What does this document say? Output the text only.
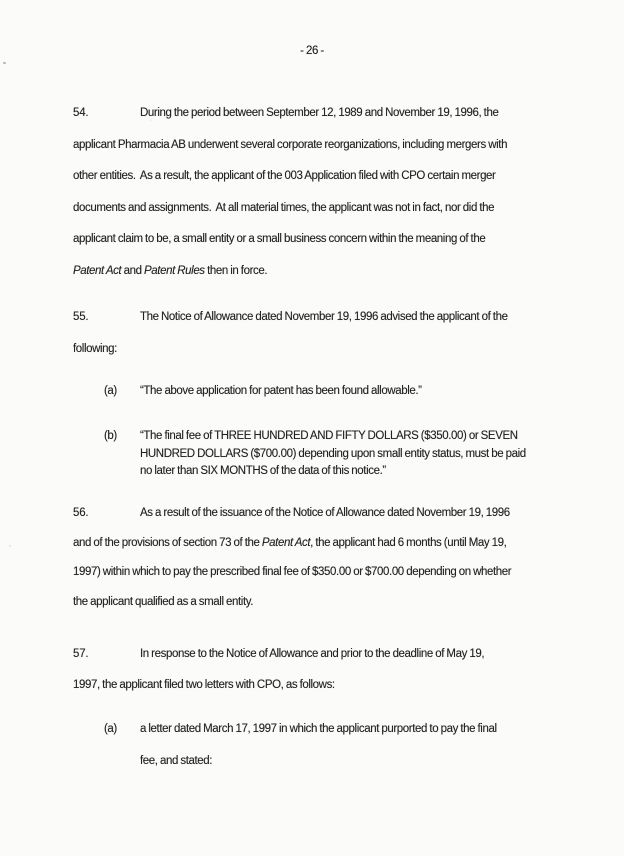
- 26 -
54.	During the period between September 12, 1989 and November 19, 1996, the
applicant Pharmacia AB underwent several corporate reorganizations, including mergers with
other entities.  As a result, the applicant of the 003 Application filed with CPO certain merger
documents and assignments.  At all material times, the applicant was not in fact, nor did the
applicant claim to be, a small entity or a small business concern within the meaning of the
Patent Act and Patent Rules then in force.
55.	The Notice of Allowance dated November 19, 1996 advised the applicant of the
following:
(a) “The above application for patent has been found allowable.”
(b) “The final fee of THREE HUNDRED AND FIFTY DOLLARS ($350.00) or SEVEN
HUNDRED DOLLARS ($700.00) depending upon small entity status, must be paid
no later than SIX MONTHS of the data of this notice.”
56.	As a result of the issuance of the Notice of Allowance dated November 19, 1996
and of the provisions of section 73 of the Patent Act, the applicant had 6 months (until May 19,
1997) within which to pay the prescribed final fee of $350.00 or $700.00 depending on whether
the applicant qualified as a small entity.
57.	In response to the Notice of Allowance and prior to the deadline of May 19,
1997, the applicant filed two letters with CPO, as follows:
(a) a letter dated March 17, 1997 in which the applicant purported to pay the final
fee, and stated:
